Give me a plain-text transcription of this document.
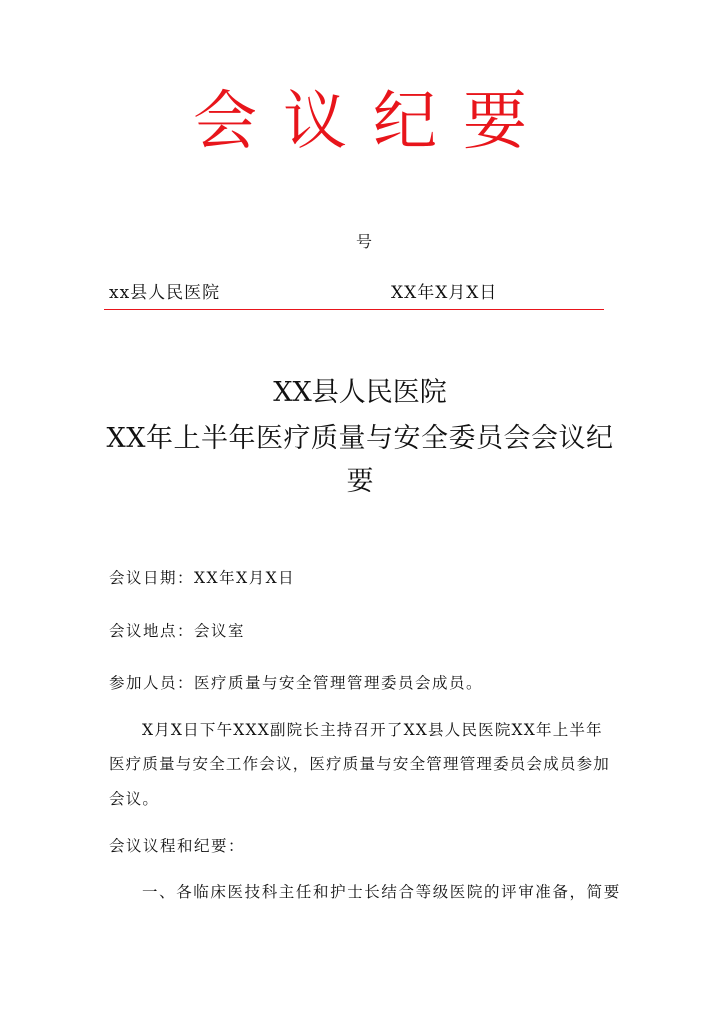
会议纪要
号
xx县人民医院	XX年X月X日
XX县人民医院
XX年上半年医疗质量与安全委员会会议纪
要
会议日期：XX年X月X日
会议地点：会议室
参加人员：医疗质量与安全管理管理委员会成员。
X月X日下午XXX副院长主持召开了XX县人民医院XX年上半年
医疗质量与安全工作会议，医疗质量与安全管理管理委员会成员参加
会议。
会议议程和纪要：
一、各临床医技科主任和护士长结合等级医院的评审准备，简要
